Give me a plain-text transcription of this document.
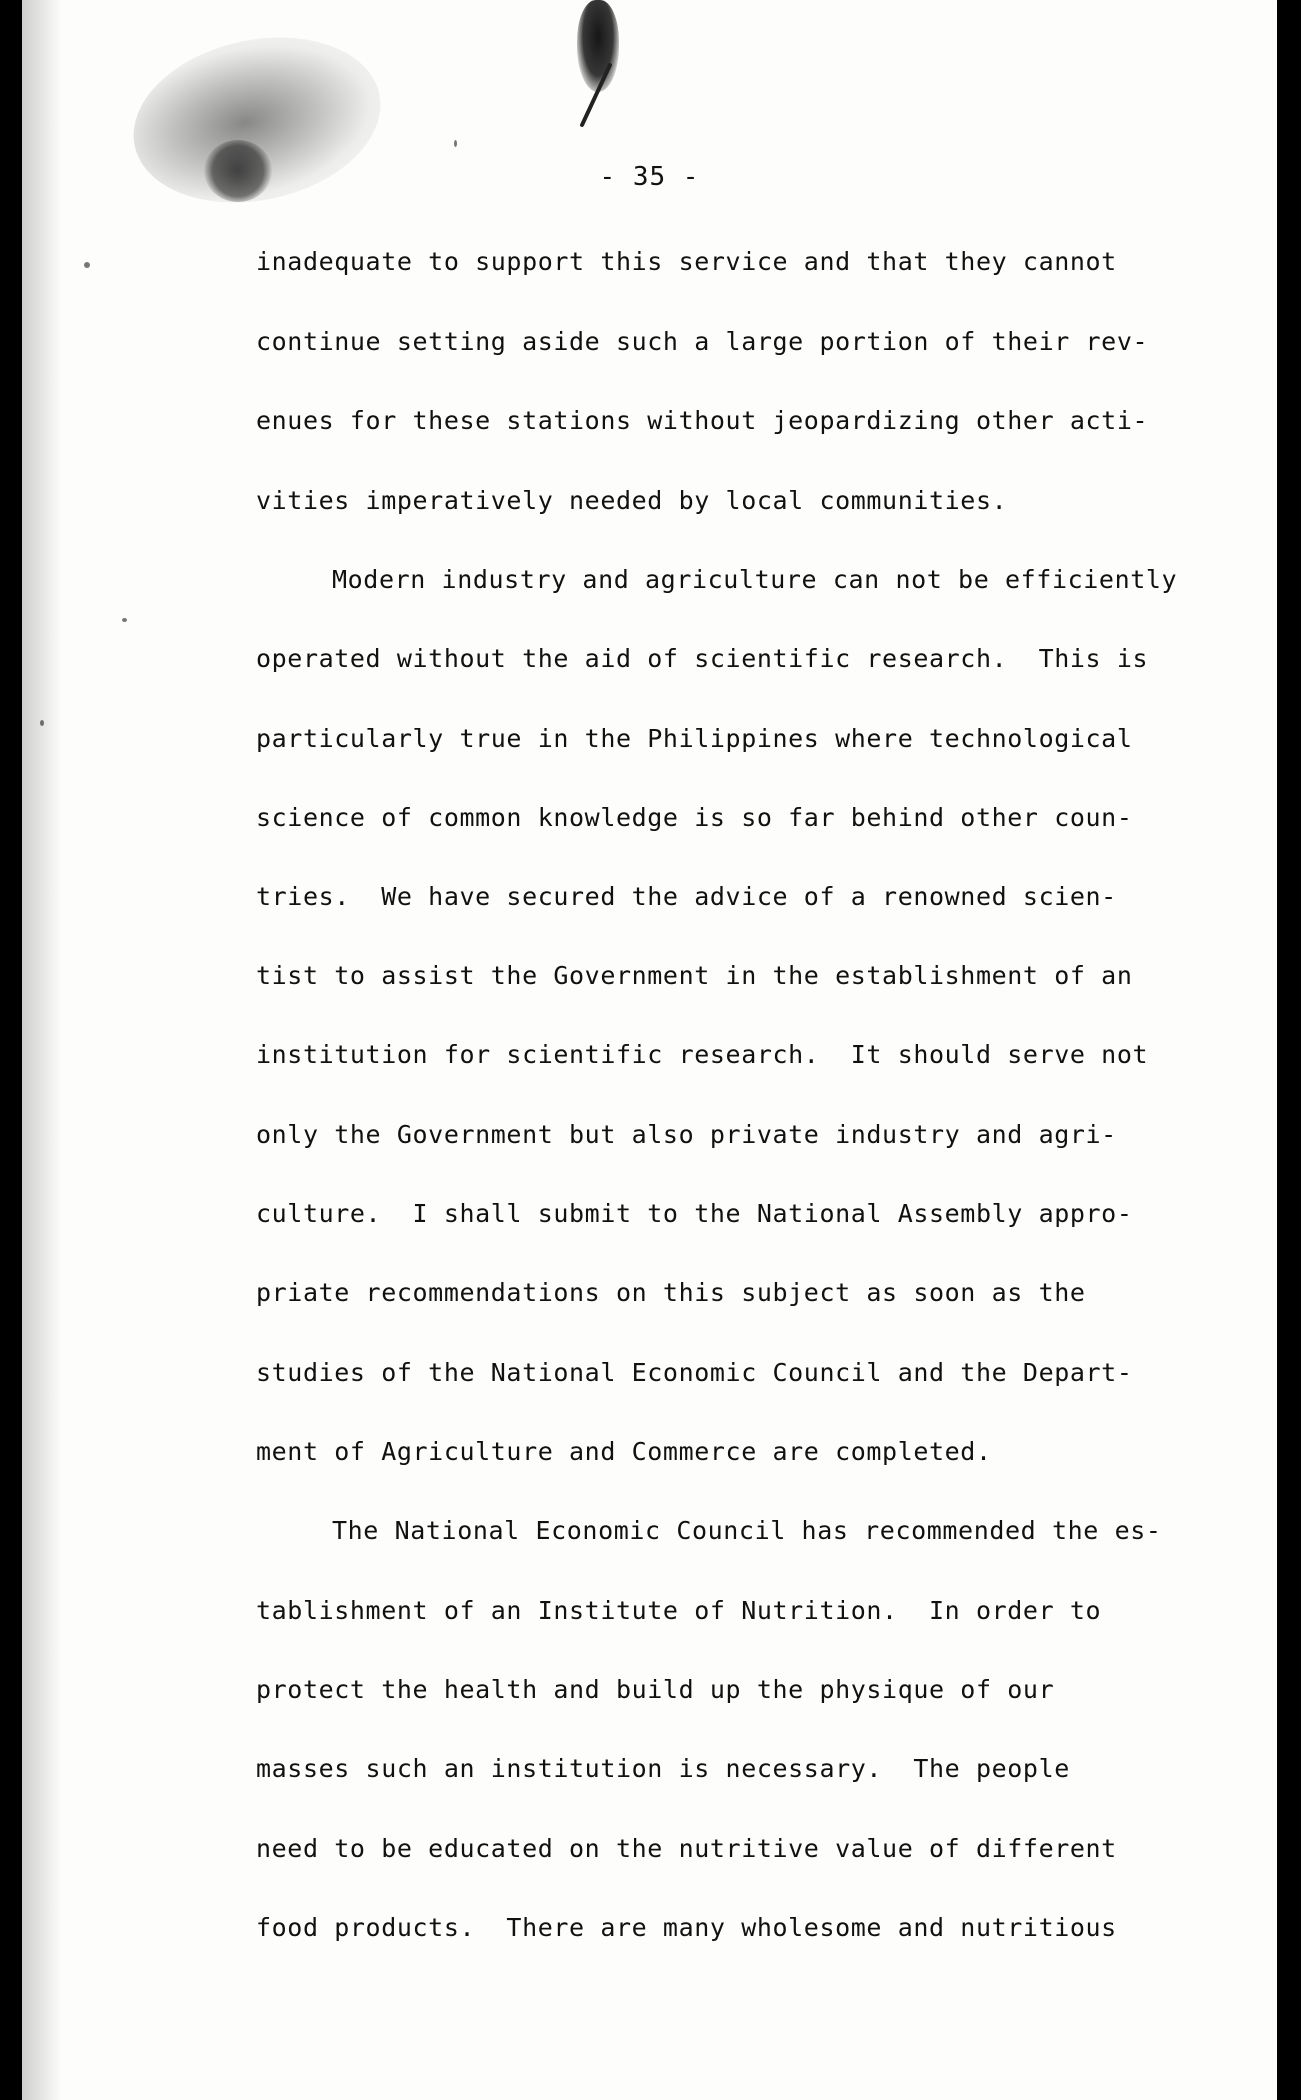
- 35 -
inadequate to support this service and that they cannot
continue setting aside such a large portion of their rev-
enues for these stations without jeopardizing other acti-
vities imperatively needed by local communities.
Modern industry and agriculture can not be efficiently
operated without the aid of scientific research.  This is
particularly true in the Philippines where technological
science of common knowledge is so far behind other coun-
tries.  We have secured the advice of a renowned scien-
tist to assist the Government in the establishment of an
institution for scientific research.  It should serve not
only the Government but also private industry and agri-
culture.  I shall submit to the National Assembly appro-
priate recommendations on this subject as soon as the
studies of the National Economic Council and the Depart-
ment of Agriculture and Commerce are completed.
The National Economic Council has recommended the es-
tablishment of an Institute of Nutrition.  In order to
protect the health and build up the physique of our
masses such an institution is necessary.  The people
need to be educated on the nutritive value of different
food products.  There are many wholesome and nutritious
